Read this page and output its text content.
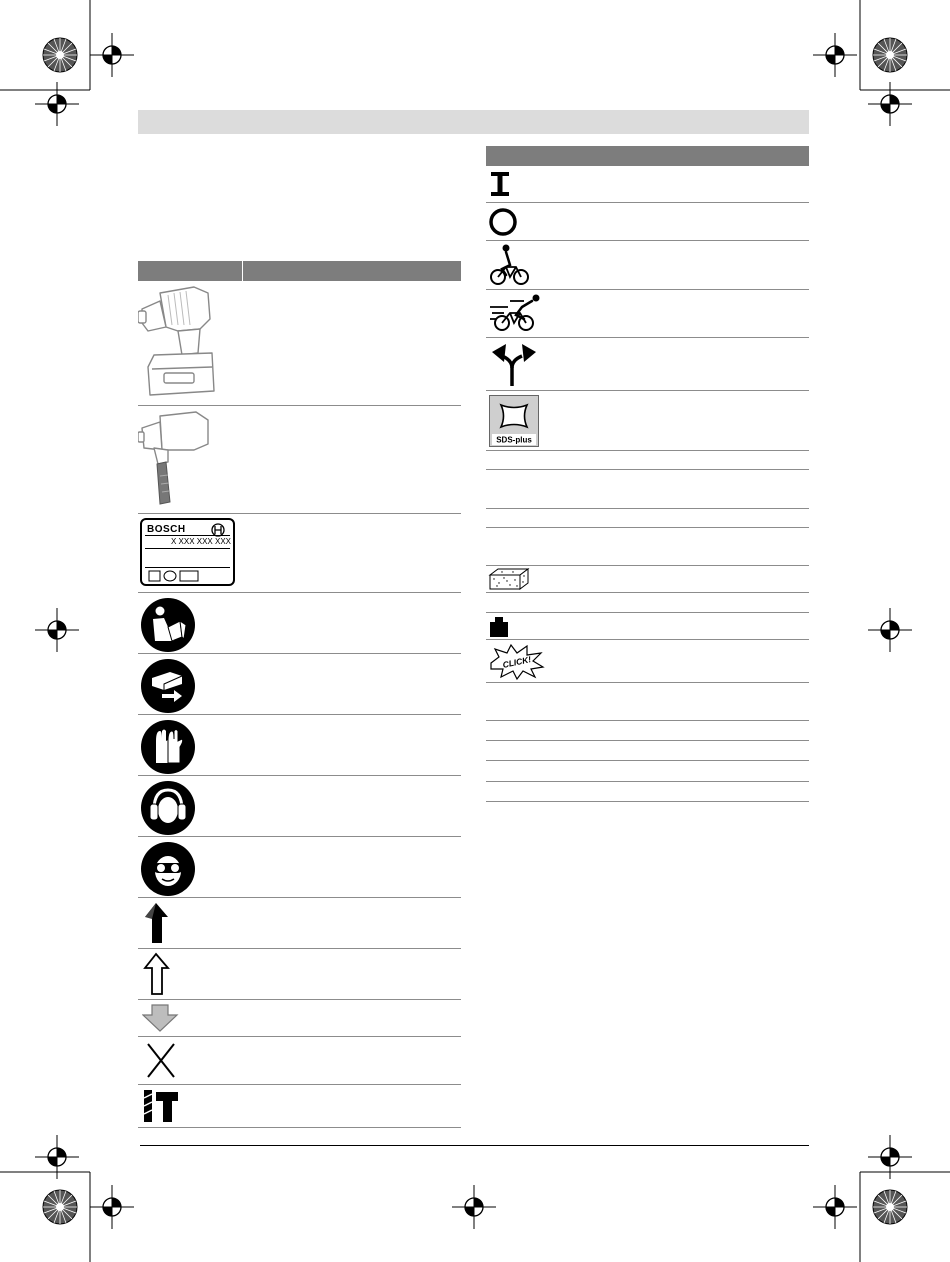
BOSCH
X XXX XXX XXX
SDS-plus
CLICK!
